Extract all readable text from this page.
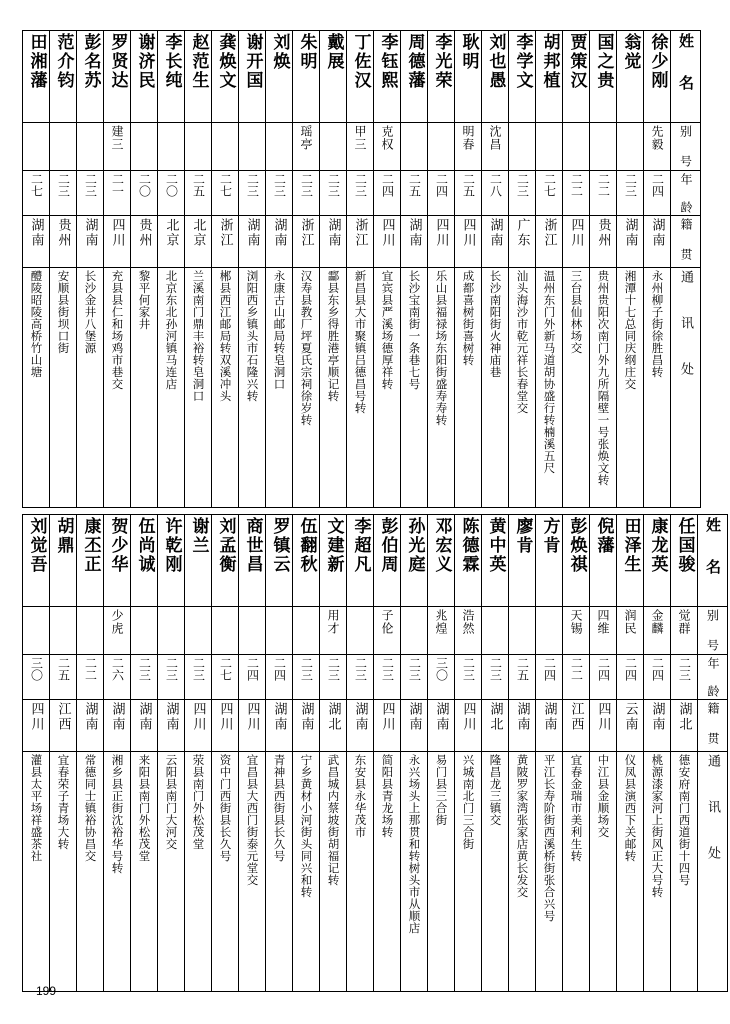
田湘藩	范介钧	彭名苏	罗贤达	谢济民	李长纯	赵范生	龚焕文	谢开国	刘焕	朱明	戴展	丁佐汉	李钰熙	周德藩	李光荣	耿明	刘也愚	李学文	胡邦植	贾策汉	国之贵	翁觉	徐少刚	姓　名

			建三							瑶亭		甲三	克权			明春	沈昌						先毅	别　号

二七	二三	二三	二一	二〇	二〇	二五	二七	二三	二三	二三	二三	二三	二四	二五	二四	二五	二八	二三	二七	二二	二二	二三	二四	年　龄

湖南	贵州	湖南	四川	贵州	北京	北京	浙江	湖南	湖南	浙江	湖南	浙江	四川	湖南	四川	四川	湖南	广东	浙江	四川	贵州	湖南	湖南	籍　贯

醴陵昭陵高桥竹山塘	安顺县街坝口街	长沙金井八堡源	充县县仁和场鸡市巷交	黎平何家井	北京东北孙河镇马连店	兰溪南门鼎丰裕转皂洞口	郴县西江邮局转双溪冲头	浏阳西乡镇头市石隆兴转	永康古山邮局转皂洞口	汉寿县教厂坪夏氏宗祠徐岁转	酃县东乡得胜港亭顺记转	新昌县大市聚镇吕德昌号转	宜宾县严溪场德厚祥转	长沙宝南街一条巷七号	乐山县福禄场东阳街盛寿寿转	成都喜树街喜树转	长沙南阳街火神庙巷	汕头海沙市乾元祥长春堂交	温州东门外新马道胡协盛行转楠溪五尺	三台县仙林场交	贵州贵阳次南门外九所隔壁一号张焕文转	湘潭十七总同庆纲庄交	永州柳子街徐胜昌转	通　讯　处
刘觉吾	胡鼎	康丕正	贺少华	伍尚诚	许乾刚	谢兰	刘孟衡	商世昌	罗镇云	伍翻秋	文建新	李超凡	彭伯周	孙光庭	邓宏义	陈德霖	黄中英	廖肯	方肯	彭焕祺	倪藩	田泽生	康龙英	任国骏	姓　名

			少虎								用才		子伦		兆煌	浩然				天锡	四维	润民	金麟	觉群	别　号

三〇	二五	二二	二六	二三	二三	二三	二七	二四	二四	二三	二三	二三	二三	二三	三〇	二三	二三	二五	二四	二二	二四	二四	二四	二三	年　龄

四川	江西	湖南	湖南	湖南	湖南	四川	四川	四川	湖南	湖南	湖北	湖南	四川	湖南	湖南	四川	湖北	湖南	湖南	江西	四川	云南	湖南	湖北	籍　贯

灌县太平场祥盛茶社	宜春荣子青场大转	常德同士镇裕协昌交	湘乡县正街沈裕华号转	来阳县南门外松茂堂	云阳县南门大河交	荥县南门外松茂堂	资中门西街县长久号	宜昌县大西门街泰元堂交	青神县西街县长久号	宁乡黄材小河街头同兴和转	武昌城内蔡坡街胡福记转	东安县永华茂市	简阳县青龙场转	永兴场头上那贯和转树头市从顺店	易门县三合街	兴城南北门三合街	隆昌龙三镇交	黄陂罗家湾张家店黄长发交	平江长寿阶街西溪桥街张合兴号	宜春金瑞市美利生转	中江县金顺场交	仪凤县演西下关邮转	桃源漆家河上街风正大号转	德安府南门西道街十四号	通　讯　处
199
